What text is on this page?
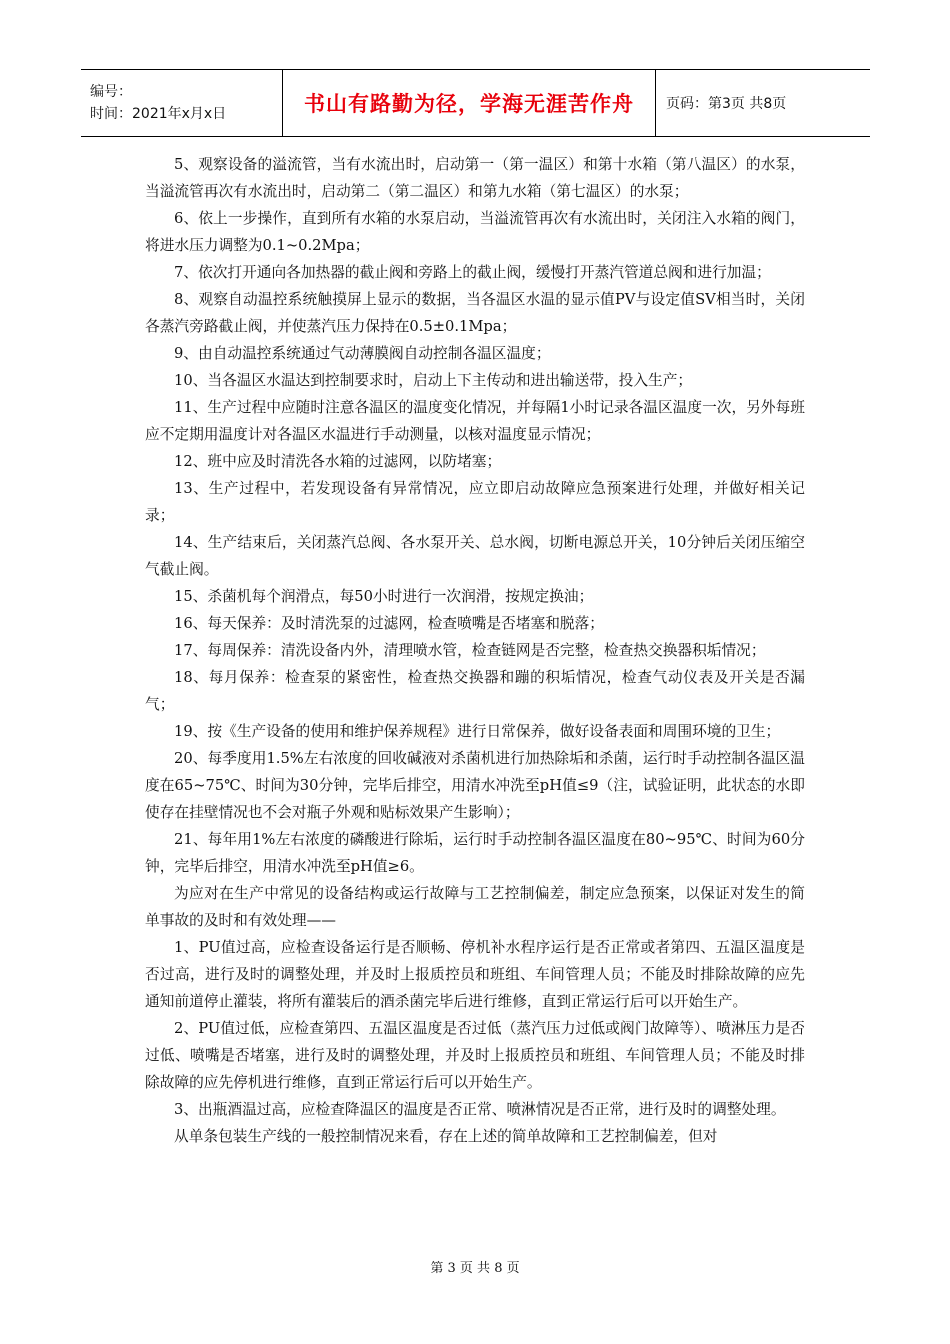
编号：
时间：2021年x月x日	书山有路勤为径，学海无涯苦作舟 页码：第3页 共8页

5、观察设备的溢流管，当有水流出时，启动第一（第一温区）和第十水箱（第八温区）的水泵，当溢流管再次有水流出时，启动第二（第二温区）和第九水箱（第七温区）的水泵；

6、依上一步操作，直到所有水箱的水泵启动，当溢流管再次有水流出时，关闭注入水箱的阀门，将进水压力调整为0.1~0.2Mpa；

7、依次打开通向各加热器的截止阀和旁路上的截止阀，缓慢打开蒸汽管道总阀和进行加温；

8、观察自动温控系统触摸屏上显示的数据，当各温区水温的显示值PV与设定值SV相当时，关闭各蒸汽旁路截止阀，并使蒸汽压力保持在0.5±0.1Mpa；

9、由自动温控系统通过气动薄膜阀自动控制各温区温度；

10、当各温区水温达到控制要求时，启动上下主传动和进出输送带，投入生产；

11、生产过程中应随时注意各温区的温度变化情况，并每隔1小时记录各温区温度一次，另外每班应不定期用温度计对各温区水温进行手动测量，以核对温度显示情况；

12、班中应及时清洗各水箱的过滤网，以防堵塞；

13、生产过程中，若发现设备有异常情况，应立即启动故障应急预案进行处理，并做好相关记录；

14、生产结束后，关闭蒸汽总阀、各水泵开关、总水阀，切断电源总开关，10分钟后关闭压缩空气截止阀。

15、杀菌机每个润滑点，每50小时进行一次润滑，按规定换油；

16、每天保养：及时清洗泵的过滤网，检查喷嘴是否堵塞和脱落；

17、每周保养：清洗设备内外，清理喷水管，检查链网是否完整，检查热交换器积垢情况；

18、每月保养：检查泵的紧密性，检查热交换器和蹦的积垢情况，检查气动仪表及开关是否漏气；

19、按《生产设备的使用和维护保养规程》进行日常保养，做好设备表面和周围环境的卫生；

20、每季度用1.5%左右浓度的回收碱液对杀菌机进行加热除垢和杀菌，运行时手动控制各温区温度在65~75℃、时间为30分钟，完毕后排空，用清水冲洗至pH值≤9（注，试验证明，此状态的水即使存在挂壁情况也不会对瓶子外观和贴标效果产生影响）；

21、每年用1%左右浓度的磷酸进行除垢，运行时手动控制各温区温度在80~95℃、时间为60分钟，完毕后排空，用清水冲洗至pH值≥6。

为应对在生产中常见的设备结构或运行故障与工艺控制偏差，制定应急预案，以保证对发生的简单事故的及时和有效处理——

1、PU值过高，应检查设备运行是否顺畅、停机补水程序运行是否正常或者第四、五温区温度是否过高，进行及时的调整处理，并及时上报质控员和班组、车间管理人员；不能及时排除故障的应先通知前道停止灌装，将所有灌装后的酒杀菌完毕后进行维修，直到正常运行后可以开始生产。

2、PU值过低，应检查第四、五温区温度是否过低（蒸汽压力过低或阀门故障等）、喷淋压力是否过低、喷嘴是否堵塞，进行及时的调整处理，并及时上报质控员和班组、车间管理人员；不能及时排除故障的应先停机进行维修，直到正常运行后可以开始生产。

3、出瓶酒温过高，应检查降温区的温度是否正常、喷淋情况是否正常，进行及时的调整处理。

从单条包装生产线的一般控制情况来看，存在上述的简单故障和工艺控制偏差，但对

第 3 页 共 8 页
